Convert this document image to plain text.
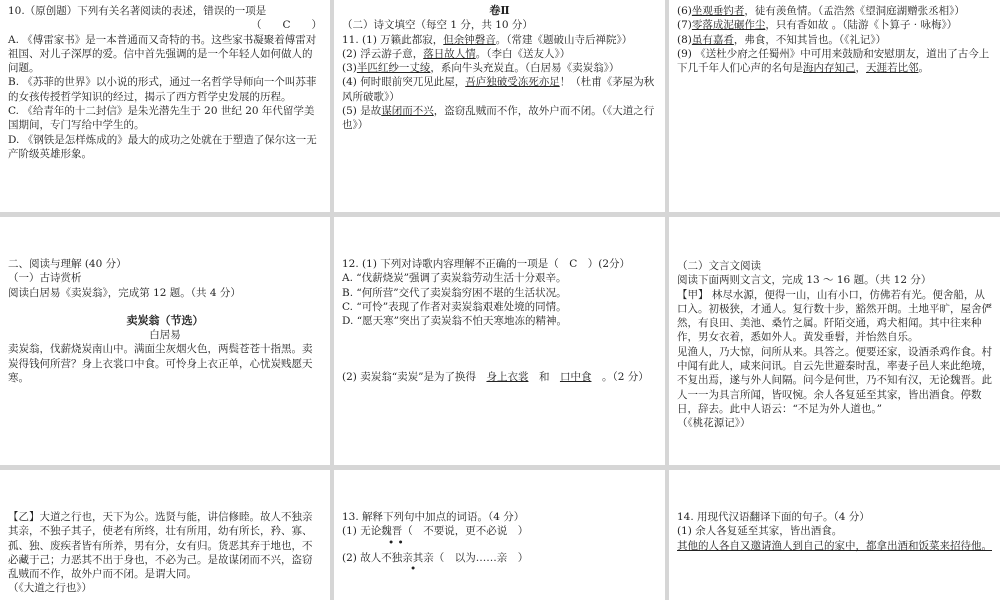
10.（原创题）下列有关名著阅读的表述，错误的一项是

（　　C　　）

A. 《傅雷家书》是一本普通而又奇特的书。这些家书凝聚着傅雷对祖国、对儿子深厚的爱。信中首先强调的是一个年轻人如何做人的问题。

B. 《苏菲的世界》以小说的形式，通过一名哲学导师向一个叫苏菲的女孩传授哲学知识的经过，揭示了西方哲学史发展的历程。

C. 《给青年的十二封信》是朱光潜先生于 20 世纪 20 年代留学美国期间，专门写给中学生的。

D. 《钢铁是怎样炼成的》最大的成功之处就在于塑造了保尔这一无产阶级英雄形象。

卷Ⅱ

（二）诗文填空（每空 1 分，共 10 分）

11. (1) 万籁此都寂，但余钟磬音。（常建《题破山寺后禅院》）

(2) 浮云游子意，落日故人情。（李白《送友人》）

(3)半匹红纱一丈绫，系向牛头充炭直。（白居易《卖炭翁》）

(4) 何时眼前突兀见此屋，吾庐独破受冻死亦足！（杜甫《茅屋为秋风所破歌》）

(5) 是故谋闭而不兴，盗窃乱贼而不作，故外户而不闭。（《大道之行也》）

(6)坐观垂钓者，徒有羡鱼情。（孟浩然《望洞庭湖赠张丞相》）

(7)零落成泥碾作尘，只有香如故 。（陆游《卜算子 · 咏梅》）

(8)虽有嘉肴，弗食，不知其旨也。（《礼记》）

(9) 《送杜少府之任蜀州》中可用来鼓励和安慰朋友，道出了古今上下几千年人们心声的名句是海内存知己，天涯若比邻。

二、阅读与理解 (40 分）

（一）古诗赏析

阅读白居易《卖炭翁》，完成第 12 题。（共 4 分）

卖炭翁（节选）

白居易

卖炭翁，伐薪烧炭南山中。满面尘灰烟火色，两鬓苍苍十指黑。卖炭得钱何所营？身上衣裳口中食。可怜身上衣正单，心忧炭贱愿天寒。

12. (1) 下列对诗歌内容理解不正确的一项是（　C　）(2分）

A. “伐薪烧炭”强调了卖炭翁劳动生活十分艰辛。

B. “何所营”交代了卖炭翁穷困不堪的生活状况。

C. “可怜”表现了作者对卖炭翁艰难处境的同情。

D. “愿天寒”突出了卖炭翁不怕天寒地冻的精神。

(2) 卖炭翁“卖炭”是为了换得　 身上衣裳　 和　 口中食　 。（2 分）

（二）文言文阅读

阅读下面两则文言文，完成 13 ～ 16 题。（共 12 分）

【甲】 林尽水源，便得一山，山有小口，仿佛若有光。便舍船，从口入。初极狭，才通人。复行数十步，豁然开朗。土地平旷，屋舍俨然，有良田、美池、桑竹之属。阡陌交通，鸡犬相闻。其中往来种作，男女衣着，悉如外人。黄发垂髫，并怡然自乐。

见渔人，乃大惊，问所从来。具答之。便要还家，设酒杀鸡作食。村中闻有此人，咸来问讯。自云先世避秦时乱，率妻子邑人来此绝境，不复出焉，遂与外人间隔。问今是何世，乃不知有汉，无论魏晋。此人一一为具言所闻，皆叹惋。余人各复延至其家，皆出酒食。停数日，辞去。此中人语云：“不足为外人道也。”

（《桃花源记》）

【乙】大道之行也，天下为公。选贤与能，讲信修睦。故人不独亲其亲，不独子其子，使老有所终，壮有所用，幼有所长，矜、寡、孤、独、废疾者皆有所养，男有分，女有归。货恶其弃于地也，不必藏于己；力恶其不出于身也，不必为己。是故谋闭而不兴，盗窃乱贼而不作，故外户而不闭。是谓大同。

（《大道之行也》）

13. 解释下列句中加点的词语。（4 分）

(1) 无论魏晋（　不要说，更不必说　）

• •

(2) 故人不独亲其亲（　以为……亲　）

•

14. 用现代汉语翻译下面的句子。（4 分）

(1) 余人各复延至其家，皆出酒食。

其他的人各自又邀请渔人到自己的家中，都拿出酒和饭菜来招待他。
